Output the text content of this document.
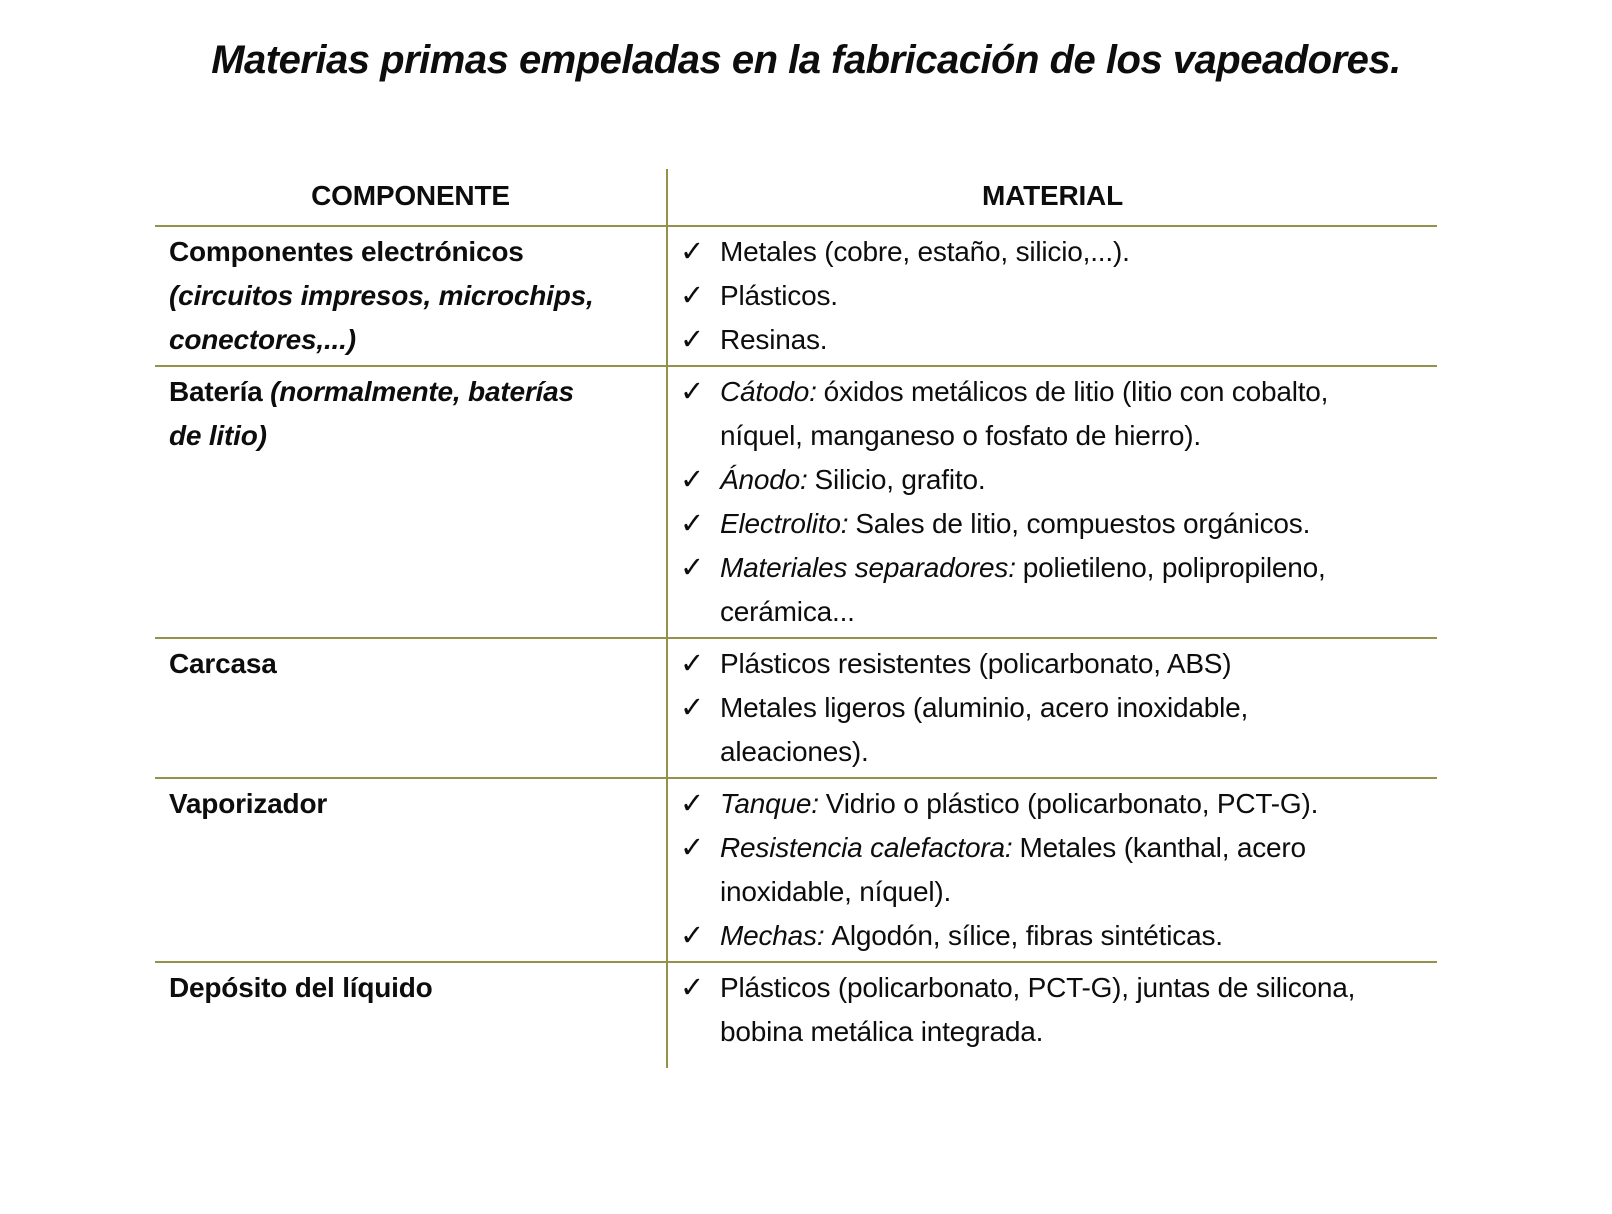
Materias primas empeladas en la fabricación de los vapeadores.
COMPONENTE	MATERIAL
Componentes electrónicos (circuitos impresos, microchips, conectores,...)
✓ Metales (cobre, estaño, silicio,...).
✓ Plásticos.
✓ Resinas.
Batería (normalmente, baterías de litio)
✓ Cátodo: óxidos metálicos de litio (litio con cobalto, níquel, manganeso o fosfato de hierro).
✓ Ánodo: Silicio, grafito.
✓ Electrolito: Sales de litio, compuestos orgánicos.
✓ Materiales separadores: polietileno, polipropileno, cerámica...
Carcasa	✓ Plásticos resistentes (policarbonato, ABS)
✓ Metales ligeros (aluminio, acero inoxidable, aleaciones).
Vaporizador	✓ Tanque: Vidrio o plástico (policarbonato, PCT-G).
✓ Resistencia calefactora: Metales (kanthal, acero inoxidable, níquel).
✓ Mechas: Algodón, sílice, fibras sintéticas.
Depósito del líquido	✓ Plásticos (policarbonato, PCT-G), juntas de silicona, bobina metálica integrada.
